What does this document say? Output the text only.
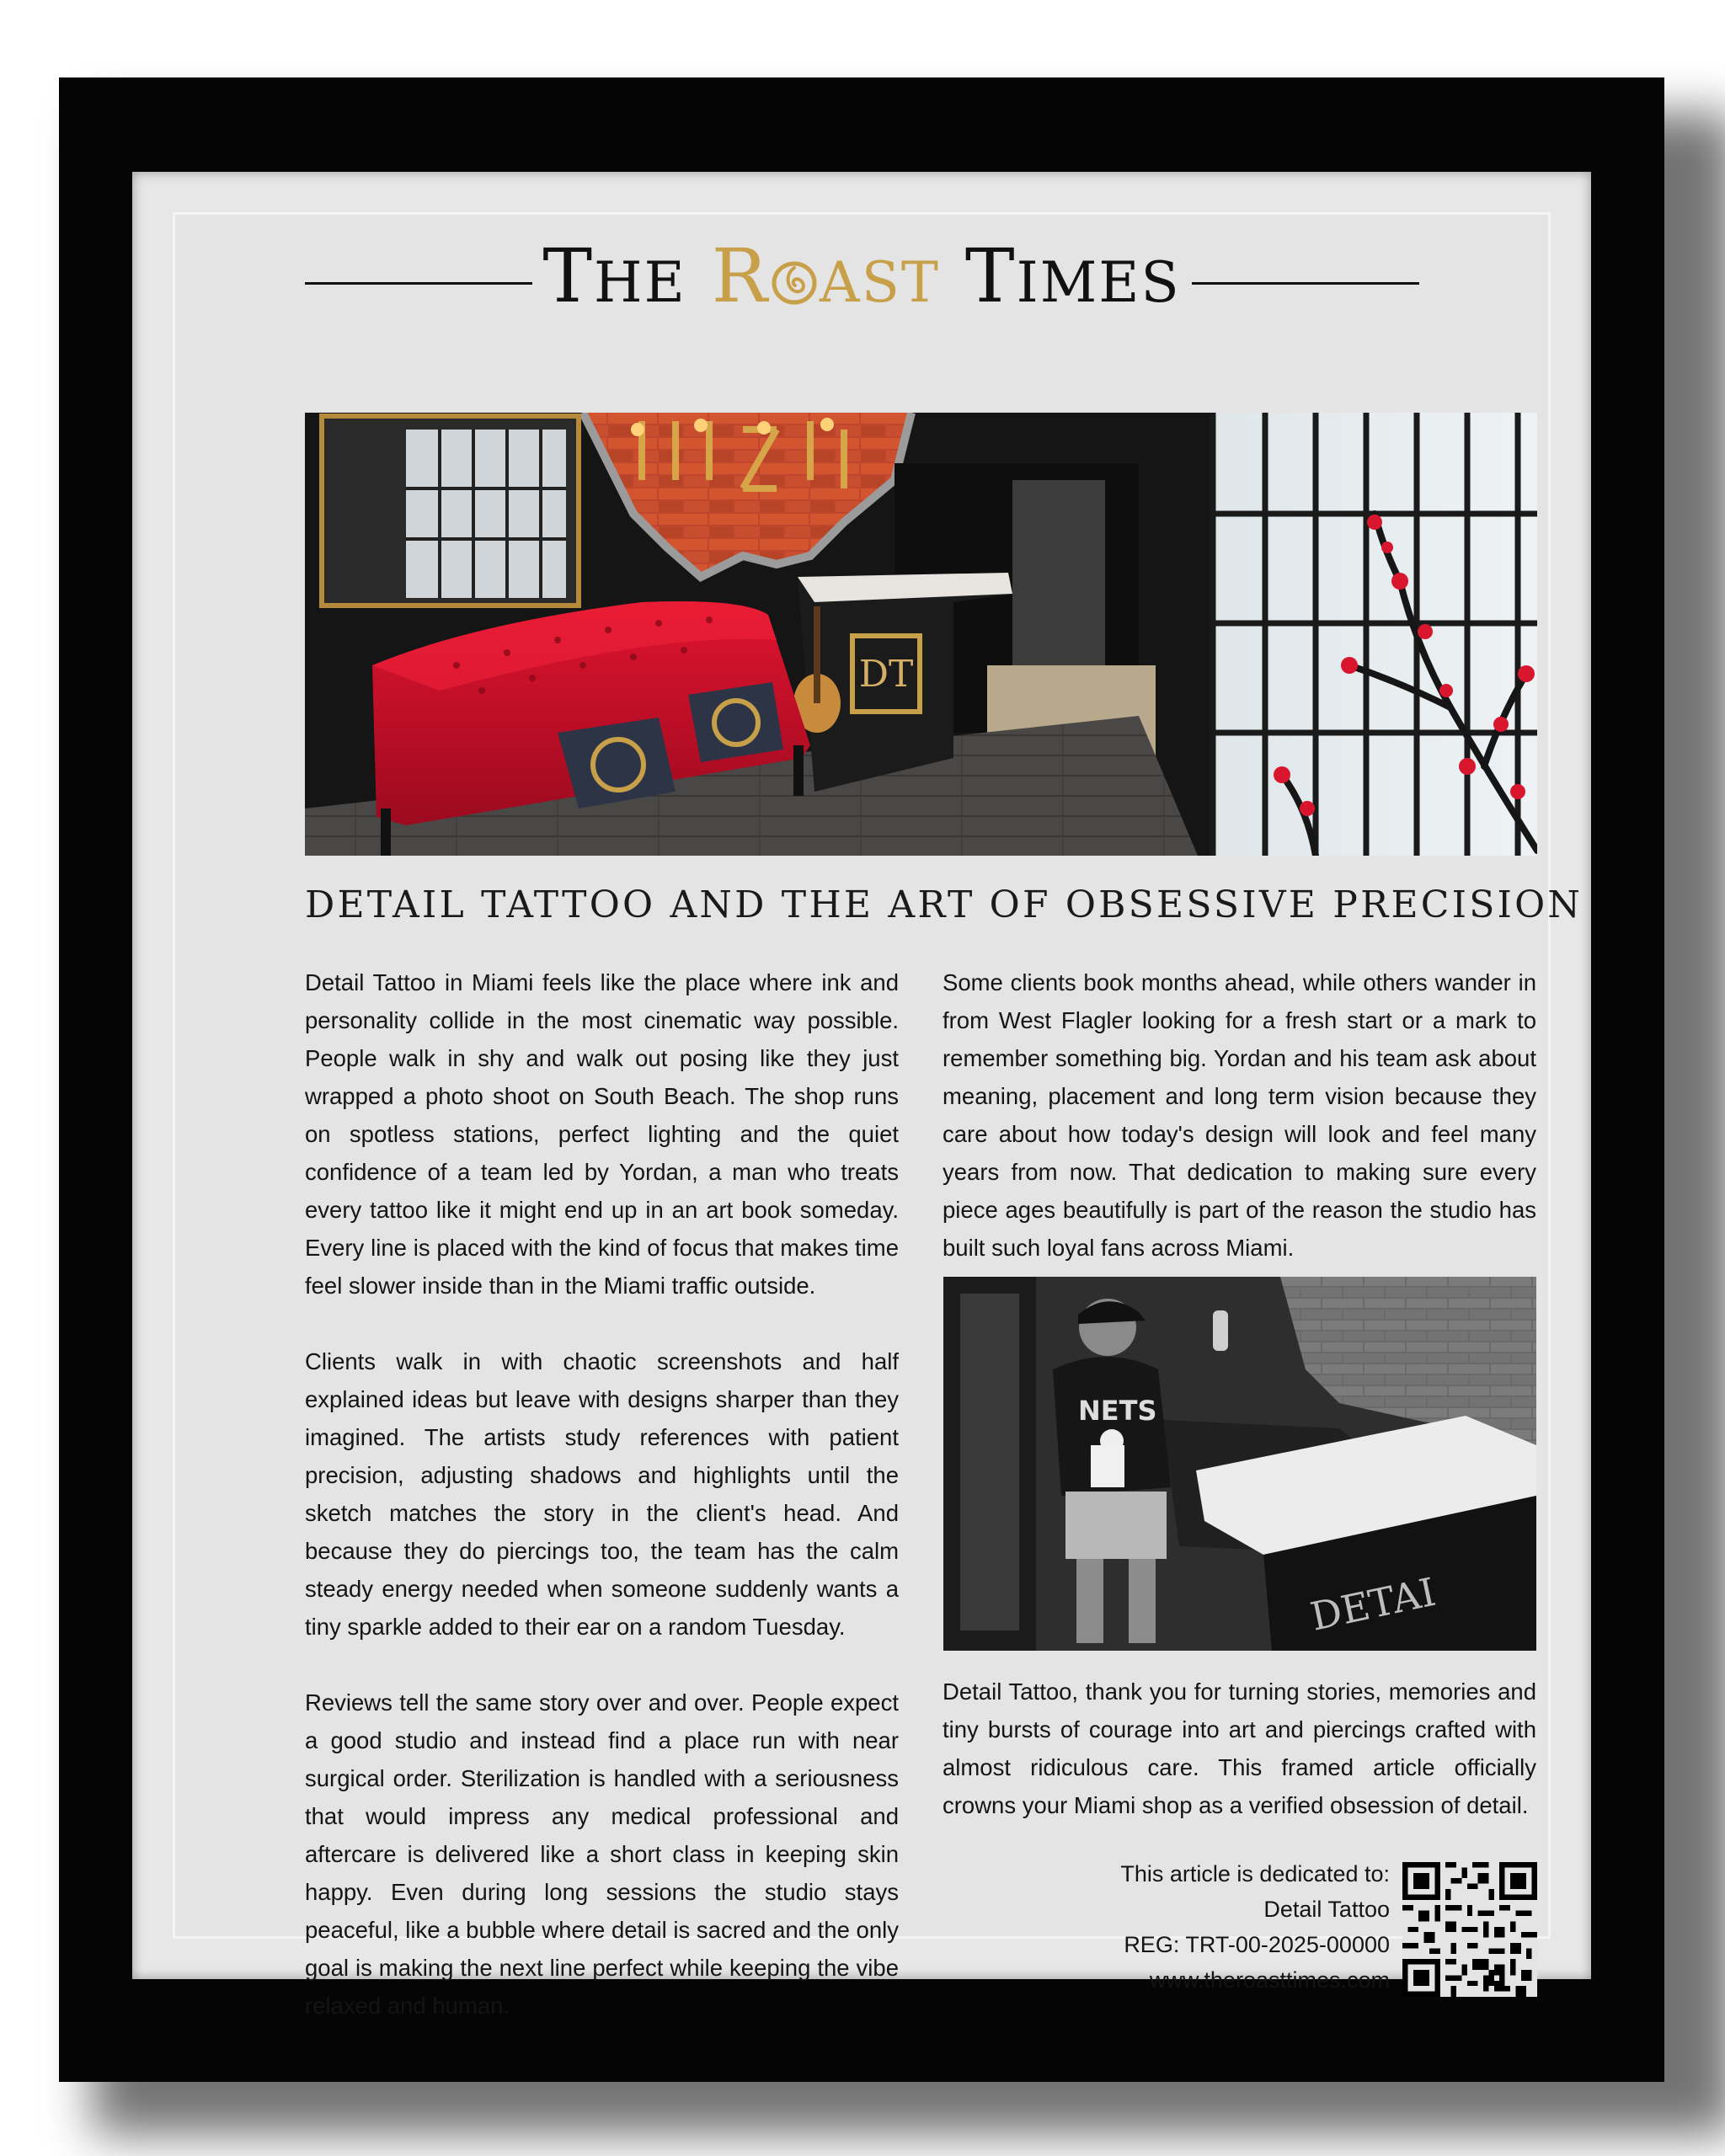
THE R AST TIMES
DT
DETAIL TATTOO AND THE ART OF OBSESSIVE PRECISION

Detail Tattoo in Miami feels like the place where ink and personality collide in the most cinematic way possible. People walk in shy and walk out posing like they just wrapped a photo shoot on South Beach. The shop runs on spotless stations, perfect lighting and the quiet confidence of a team led by Yordan, a man who treats every tattoo like it might end up in an art book someday. Every line is placed with the kind of focus that makes time feel slower inside than in the Miami traffic outside.

Clients walk in with chaotic screenshots and half explained ideas but leave with designs sharper than they imagined. The artists study references with patient precision, adjusting shadows and highlights until the sketch matches the story in the client's head. And because they do piercings too, the team has the calm steady energy needed when someone suddenly wants a tiny sparkle added to their ear on a random Tuesday.

Reviews tell the same story over and over. People expect a good studio and instead find a place run with near surgical order. Sterilization is handled with a seriousness that would impress any medical professional and aftercare is delivered like a short class in keeping skin happy. Even during long sessions the studio stays peaceful, like a bubble where detail is sacred and the only goal is making the next line perfect while keeping the vibe relaxed and human.

Some clients book months ahead, while others wander in from West Flagler looking for a fresh start or a mark to remember something big. Yordan and his team ask about meaning, placement and long term vision because they care about how today's design will look and feel many years from now. That dedication to making sure every piece ages beautifully is part of the reason the studio has built such loyal fans across Miami.

DETAI
NETS

Detail Tattoo, thank you for turning stories, memories and tiny bursts of courage into art and piercings crafted with almost ridiculous care. This framed article officially crowns your Miami shop as a verified obsession of detail.

This article is dedicated to:
Detail Tattoo
REG: TRT-00-2025-00000
www.theroasttimes.com
